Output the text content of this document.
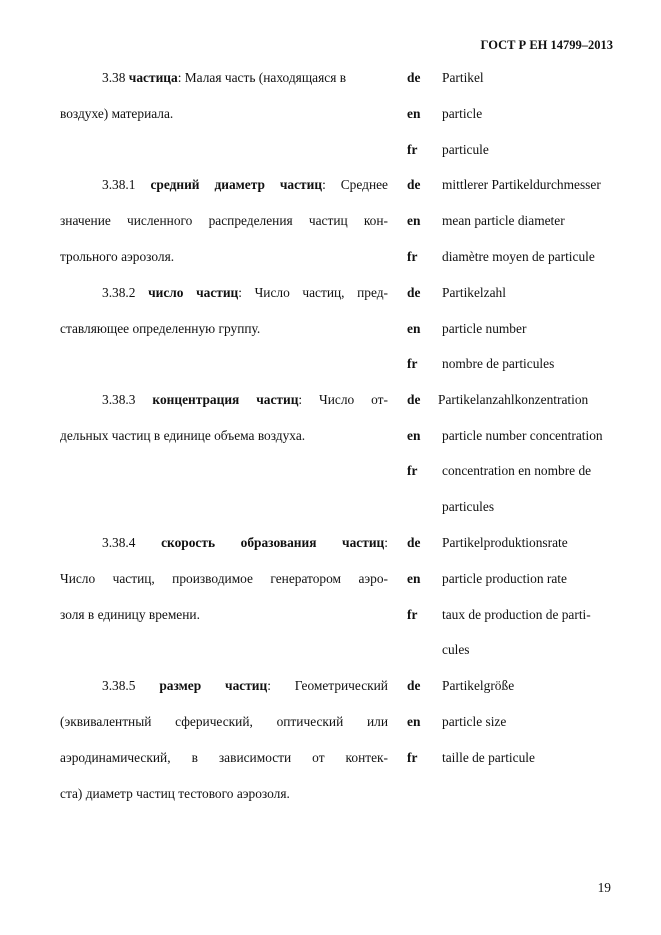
ГОСТ Р ЕН 14799–2013
3.38 частица: Малая часть (находящаяся в
воздухе) материала.
de Partikel
en particle
fr particule
3.38.1 средний диаметр частиц: Среднее
значение численного распределения частиц кон-
трольного аэрозоля.
de mittlerer Partikeldurchmesser
en mean particle diameter
fr diamètre moyen de particule
3.38.2 число частиц: Число частиц, пред-
ставляющее определенную группу.
de Partikelzahl
en particle number
fr nombre de particules
3.38.3 концентрация частиц: Число от-
дельных частиц в единице объема воздуха.
de Partikelanzahlkonzentration
en particle number concentration
fr concentration en nombre de
particules
3.38.4 скорость образования частиц:
Число частиц, производимое генератором аэро-
золя в единицу времени.
de Partikelproduktionsrate
en particle production rate
fr taux de production de parti-
cules
3.38.5 размер частиц: Геометрический
(эквивалентный сферический, оптический или
аэродинамический, в зависимости от контек-
ста) диаметр частиц тестового аэрозоля.
de Partikelgröße
en particle size
fr taille de particule
19
